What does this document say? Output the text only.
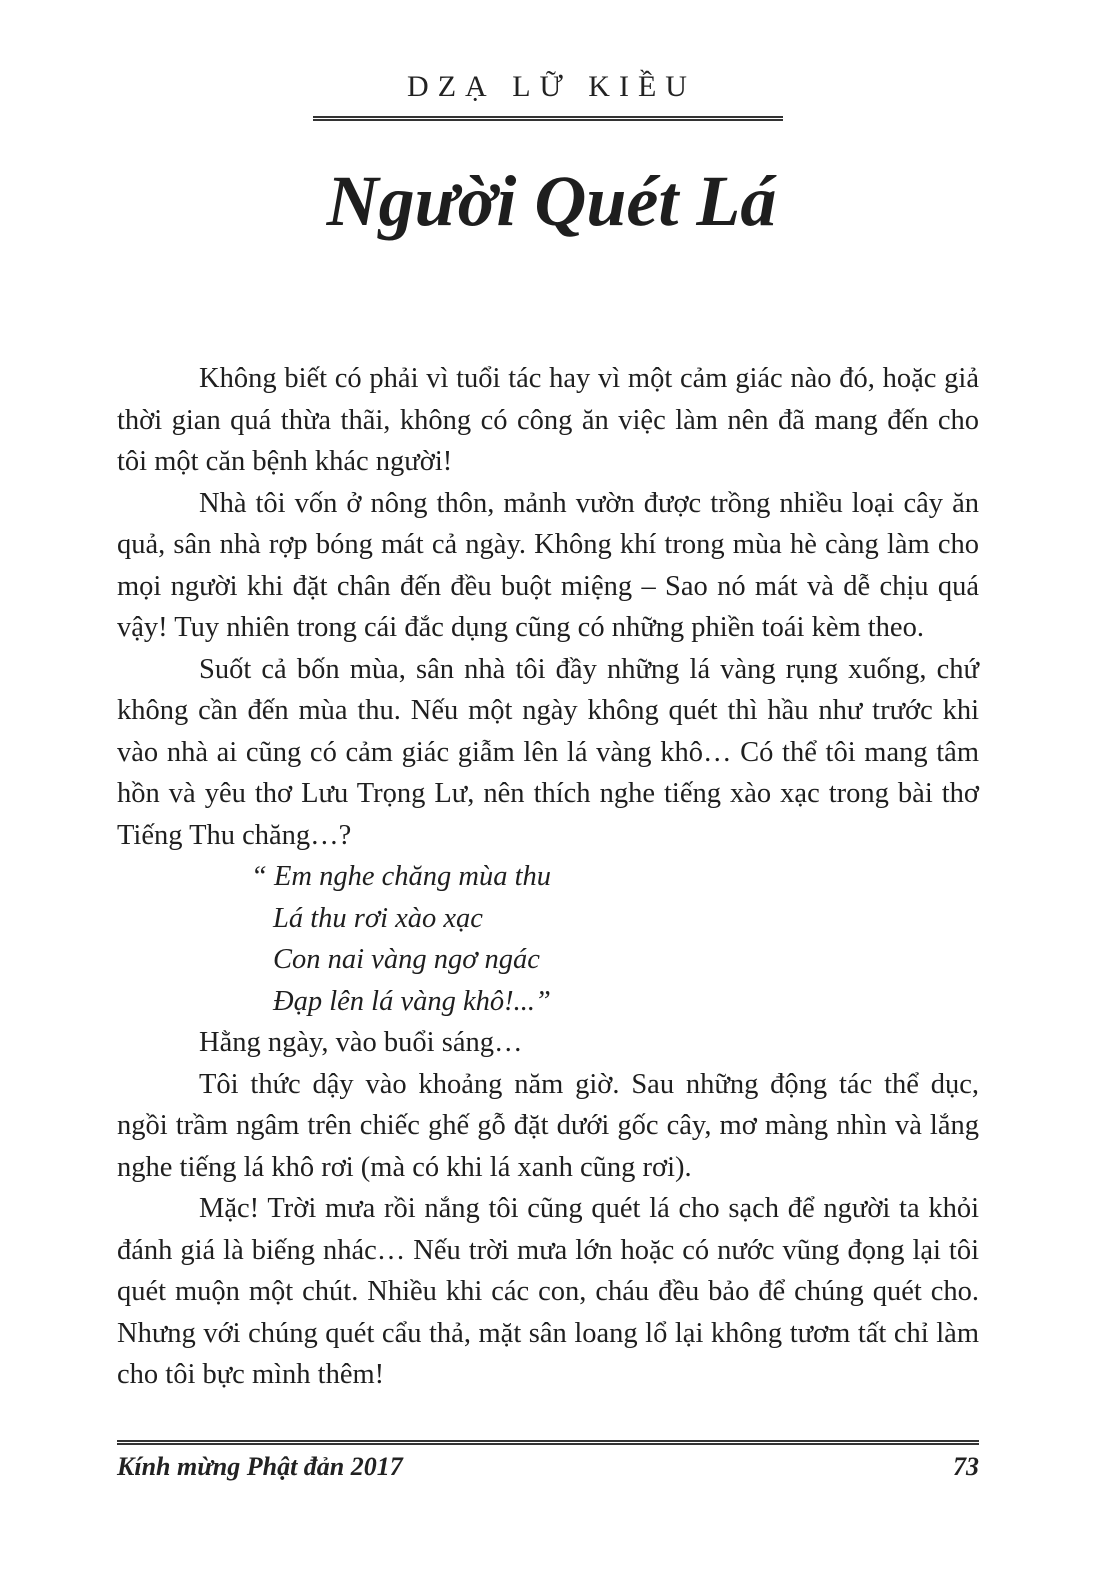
DZẠ LỮ KIỀU
Người Quét Lá

Không biết có phải vì tuổi tác hay vì một cảm giác nào đó, hoặc giả thời gian quá thừa thãi, không có công ăn việc làm nên đã mang đến cho tôi một căn bệnh khác người!

Nhà tôi vốn ở nông thôn, mảnh vườn được trồng nhiều loại cây ăn quả, sân nhà rợp bóng mát cả ngày. Không khí trong mùa hè càng làm cho mọi người khi đặt chân đến đều buột miệng – Sao nó mát và dễ chịu quá vậy! Tuy nhiên trong cái đắc dụng cũng có những phiền toái kèm theo.

Suốt cả bốn mùa, sân nhà tôi đầy những lá vàng rụng xuống, chứ không cần đến mùa thu. Nếu một ngày không quét thì hầu như trước khi vào nhà ai cũng có cảm giác giẫm lên lá vàng khô… Có thể tôi mang tâm hồn và yêu thơ Lưu Trọng Lư, nên thích nghe tiếng xào xạc trong bài thơ Tiếng Thu chăng…?

“ Em nghe chăng mùa thu
Lá thu rơi xào xạc
Con nai vàng ngơ ngác
Đạp lên lá vàng khô!...”

Hằng ngày, vào buổi sáng…

Tôi thức dậy vào khoảng năm giờ. Sau những động tác thể dục, ngồi trầm ngâm trên chiếc ghế gỗ đặt dưới gốc cây, mơ màng nhìn và lắng nghe tiếng lá khô rơi (mà có khi lá xanh cũng rơi).

Mặc! Trời mưa rồi nắng tôi cũng quét lá cho sạch để người ta khỏi đánh giá là biếng nhác… Nếu trời mưa lớn hoặc có nước vũng đọng lại tôi quét muộn một chút. Nhiều khi các con, cháu đều bảo để chúng quét cho. Nhưng với chúng quét cẩu thả, mặt sân loang lổ lại không tươm tất chỉ làm cho tôi bực mình thêm!

Kính mừng Phật đản 2017	73
